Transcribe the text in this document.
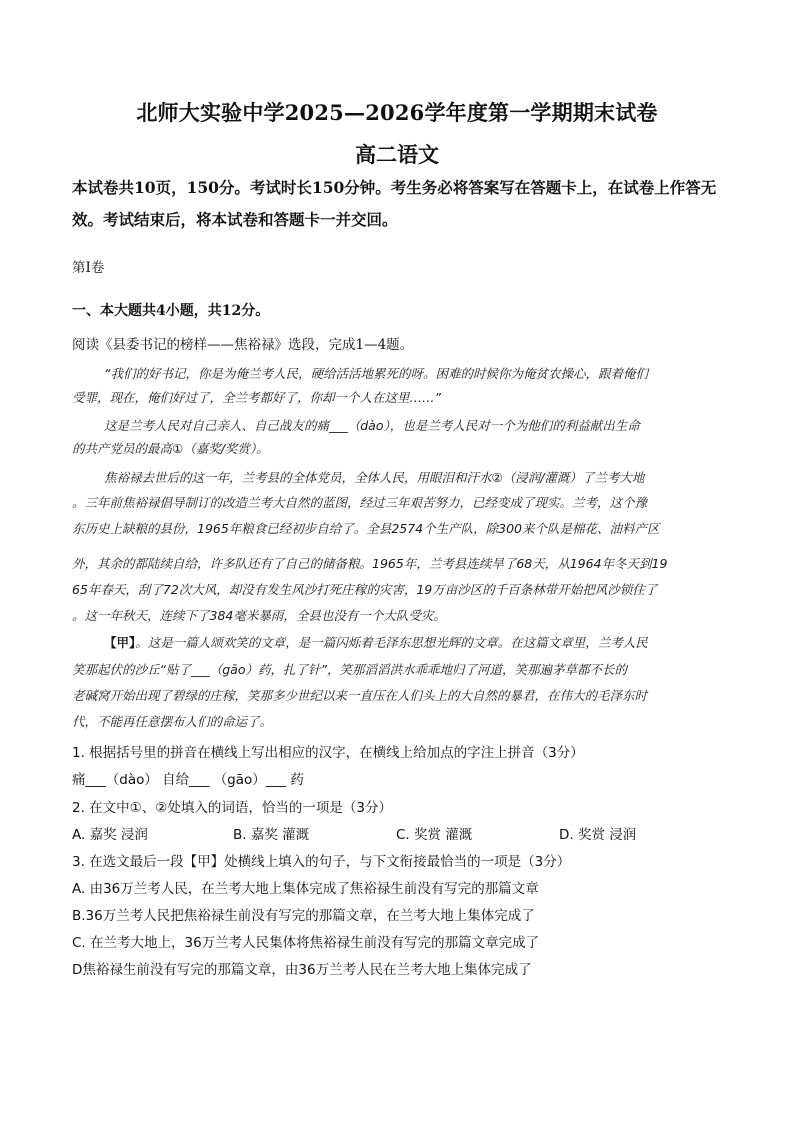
北师大实验中学2025—2026学年度第一学期期末试卷
高二语文
本试卷共10页，150分。考试时长150分钟。考生务必将答案写在答题卡上，在试卷上作答无
效。考试结束后，将本试卷和答题卡一并交回。
第I卷
一、本大题共4小题，共12分。
阅读《县委书记的榜样——焦裕禄》选段，完成1—4题。
“我们的好书记，你是为俺兰考人民，硬给活活地累死的呀。困难的时候你为俺贫农操心，跟着俺们
受罪，现在，俺们好过了，全兰考都好了，你却一个人在这里……”
这是兰考人民对自己亲人、自己战友的痛___（dào），也是兰考人民对一个为他们的利益献出生命
的共产党员的最高①（嘉奖/奖赏）。
焦裕禄去世后的这一年，兰考县的全体党员，全体人民，用眼泪和汗水②（浸润/灌溉）了兰考大地
。三年前焦裕禄倡导制订的改造兰考大自然的蓝图，经过三年艰苦努力，已经变成了现实。兰考，这个豫
东历史上缺粮的县份，1965年粮食已经初步自给了。全县2574个生产队，除300来个队是棉花、油料产区
外，其余的都陆续自给，许多队还有了自己的储备粮。1965年，兰考县连续旱了68天，从1964年冬天到19
65年春天，刮了72次大风，却没有发生风沙打死庄稼的灾害，19万亩沙区的千百条林带开始把风沙锁住了
。这一年秋天，连续下了384毫米暴雨，全县也没有一个大队受灾。
【甲】。这是一篇人颂欢笑的文章，是一篇闪烁着毛泽东思想光辉的文章。在这篇文章里，兰考人民
笑那起伏的沙丘“贴了___（gāo）药，扎了针”，笑那滔滔洪水乖乖地归了河道，笑那遍茅草都不长的
老碱窝开始出现了碧绿的庄稼，笑那多少世纪以来一直压在人们头上的大自然的暴君，在伟大的毛泽东时
代，不能再任意摆布人们的命运了。
1. 根据括号里的拼音在横线上写出相应的汉字，在横线上给加点的字注上拼音（3分）
痛___（dào） 自给___ （gāo）___ 药
2. 在文中①、②处填入的词语，恰当的一项是（3分）
A. 嘉奖 浸润	B. 嘉奖 灌溉	C. 奖赏 灌溉	D. 奖赏 浸润
3. 在选文最后一段【甲】处横线上填入的句子，与下文衔接最恰当的一项是（3分）
A. 由36万兰考人民，在兰考大地上集体完成了焦裕禄生前没有写完的那篇文章
B.36万兰考人民把焦裕禄生前没有写完的那篇文章，在兰考大地上集体完成了
C. 在兰考大地上，36万兰考人民集体将焦裕禄生前没有写完的那篇文章完成了
D焦裕禄生前没有写完的那篇文章，由36万兰考人民在兰考大地上集体完成了
